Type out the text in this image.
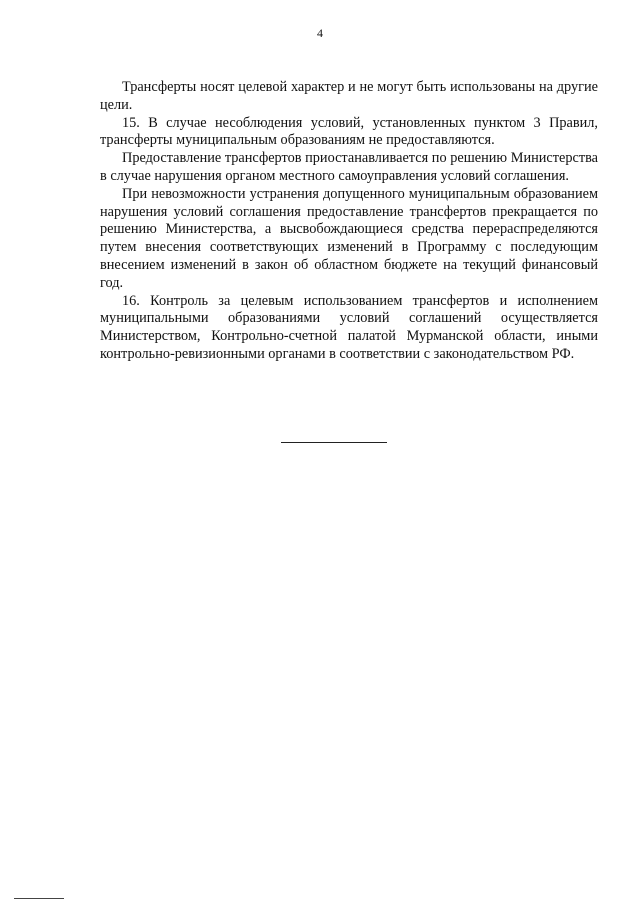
4

Трансферты носят целевой характер и не могут быть использованы на другие цели.

15. В случае несоблюдения условий, установленных пунктом 3 Правил, трансферты муниципальным образованиям не предоставляются.

Предоставление трансфертов приостанавливается по решению Министерства в случае нарушения органом местного самоуправления условий соглашения.

При невозможности устранения допущенного муниципальным образованием нарушения условий соглашения предоставление трансфертов прекращается по решению Министерства, а высвобождающиеся средства перераспределяются путем внесения соответствующих изменений в Программу с последующим внесением изменений в закон об областном бюджете на текущий финансовый год.

16. Контроль за целевым использованием трансфертов и исполнением муниципальными образованиями условий соглашений осуществляется Министерством, Контрольно-счетной палатой Мурманской области, иными контрольно-ревизионными органами в соответствии с законодательством РФ.
